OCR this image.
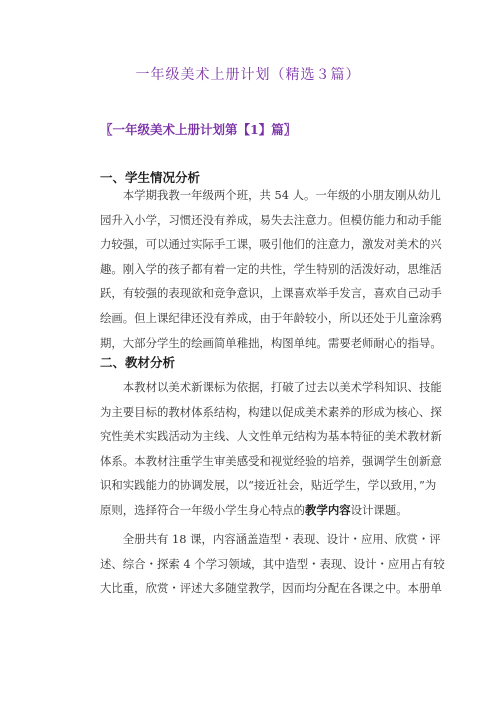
一年级美术上册计划（精选３篇）
〖一年级美术上册计划第【1】篇〗
一、学生情况分析
　　本学期我教一年级两个班，共 54 人。一年级的小朋友刚从幼儿
园升入小学，习惯还没有养成，易失去注意力。但模仿能力和动手能
力较强，可以通过实际手工课，吸引他们的注意力，激发对美术的兴
趣。刚入学的孩子都有着一定的共性，学生特别的活泼好动，思维活
跃，有较强的表现欲和竞争意识，上课喜欢举手发言，喜欢自己动手
绘画。但上课纪律还没有养成，由于年龄较小，所以还处于儿童涂鸦
期，大部分学生的绘画简单稚拙，构图单纯。需要老师耐心的指导。
二、教材分析
　　本教材以美术新课标为依据，打破了过去以美术学科知识、技能
为主要目标的教材体系结构，构建以促成美术素养的形成为核心、探
究性美术实践活动为主线、人文性单元结构为基本特征的美术教材新
体系。本教材注重学生审美感受和视觉经验的培养，强调学生创新意
识和实践能力的协调发展，以“接近社会，贴近学生，学以致用，”为
原则，选择符合一年级小学生身心特点的教学内容设计课题。
　　全册共有 18 课，内容涵盖造型・表现、设计・应用、欣赏・评
述、综合・探索 4 个学习领域，其中造型・表现、设计・应用占有较
大比重，欣赏・评述大多随堂教学，因而均分配在各课之中。本册单
